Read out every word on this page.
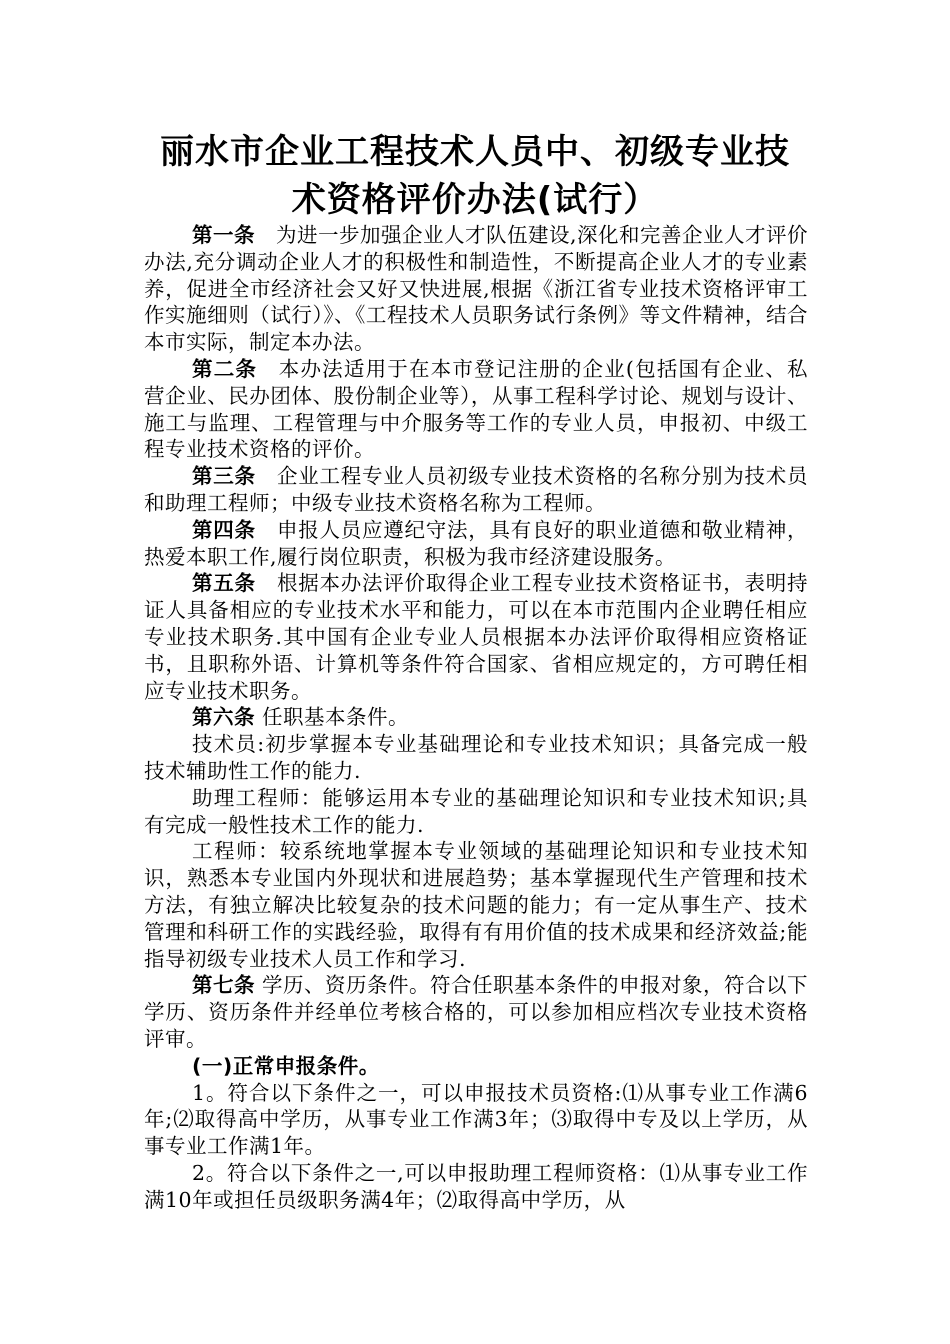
丽水市企业工程技术人员中、初级专业技
术资格评价办法(试行）

第一条　为进一步加强企业人才队伍建设,深化和完善企业人才评价办法,充分调动企业人才的积极性和制造性，不断提高企业人才的专业素养，促进全市经济社会又好又快进展,根据《浙江省专业技术资格评审工作实施细则（试行）》、《工程技术人员职务试行条例》等文件精神，结合本市实际，制定本办法。

第二条　本办法适用于在本市登记注册的企业(包括国有企业、私营企业、民办团体、股份制企业等），从事工程科学讨论、规划与设计、施工与监理、工程管理与中介服务等工作的专业人员，申报初、中级工程专业技术资格的评价。

第三条　企业工程专业人员初级专业技术资格的名称分别为技术员和助理工程师；中级专业技术资格名称为工程师。

第四条　申报人员应遵纪守法，具有良好的职业道德和敬业精神，热爱本职工作,履行岗位职责，积极为我市经济建设服务。

第五条　根据本办法评价取得企业工程专业技术资格证书，表明持证人具备相应的专业技术水平和能力，可以在本市范围内企业聘任相应专业技术职务.其中国有企业专业人员根据本办法评价取得相应资格证书，且职称外语、计算机等条件符合国家、省相应规定的，方可聘任相应专业技术职务。

第六条 任职基本条件。

技术员:初步掌握本专业基础理论和专业技术知识；具备完成一般技术辅助性工作的能力.

助理工程师：能够运用本专业的基础理论知识和专业技术知识;具有完成一般性技术工作的能力.

工程师：较系统地掌握本专业领域的基础理论知识和专业技术知识，熟悉本专业国内外现状和进展趋势；基本掌握现代生产管理和技术方法，有独立解决比较复杂的技术问题的能力；有一定从事生产、技术管理和科研工作的实践经验，取得有有用价值的技术成果和经济效益;能指导初级专业技术人员工作和学习.

第七条 学历、资历条件。符合任职基本条件的申报对象，符合以下学历、资历条件并经单位考核合格的，可以参加相应档次专业技术资格评审。

(一)正常申报条件。

1。符合以下条件之一，可以申报技术员资格:⑴从事专业工作满6年;⑵取得高中学历，从事专业工作满3年；⑶取得中专及以上学历，从事专业工作满1年。

2。符合以下条件之一,可以申报助理工程师资格：⑴从事专业工作满10年或担任员级职务满4年；⑵取得高中学历，从
